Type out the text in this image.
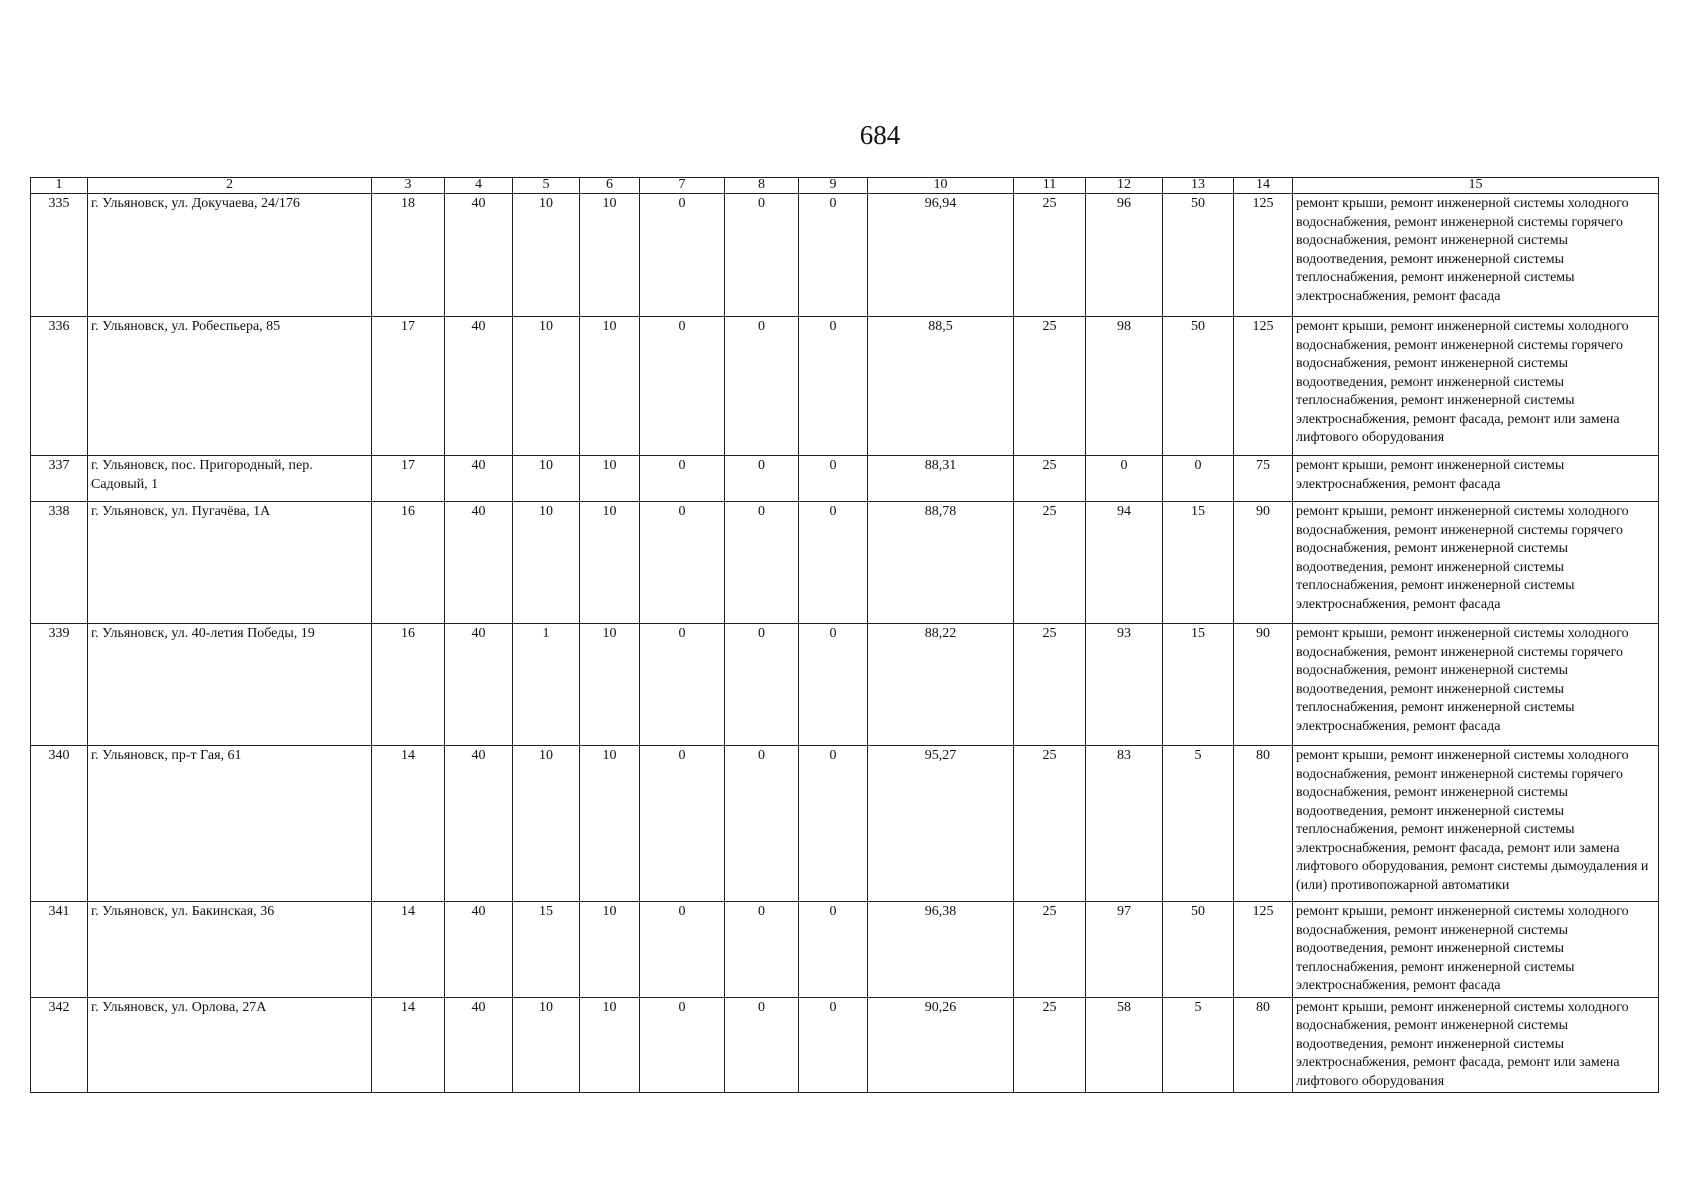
684
1	2	3	4	5	6	7	8	9	10	11	12	13	14	15
335	г. Ульяновск, ул. Докучаева, 24/176	18	40	10	10	0	0	0	96,94	25	96	50	125	ремонт крыши, ремонт инженерной системы холодного водоснабжения, ремонт инженерной системы горячего водоснабжения, ремонт инженерной системы водоотведения, ремонт инженерной системы теплоснабжения, ремонт инженерной системы электроснабжения, ремонт фасада
336	г. Ульяновск, ул. Робеспьера, 85	17	40	10	10	0	0	0	88,5	25	98	50	125	ремонт крыши, ремонт инженерной системы холодного водоснабжения, ремонт инженерной системы горячего водоснабжения, ремонт инженерной системы водоотведения, ремонт инженерной системы теплоснабжения, ремонт инженерной системы электроснабжения, ремонт фасада, ремонт или замена лифтового оборудования
337	г. Ульяновск, пос. Пригородный, пер. Садовый, 1	17	40	10	10	0	0	0	88,31	25	0	0	75	ремонт крыши, ремонт инженерной системы электроснабжения, ремонт фасада
338	г. Ульяновск, ул. Пугачёва, 1А	16	40	10	10	0	0	0	88,78	25	94	15	90	ремонт крыши, ремонт инженерной системы холодного водоснабжения, ремонт инженерной системы горячего водоснабжения, ремонт инженерной системы водоотведения, ремонт инженерной системы теплоснабжения, ремонт инженерной системы электроснабжения, ремонт фасада
339	г. Ульяновск, ул. 40-летия Победы, 19	16	40	1	10	0	0	0	88,22	25	93	15	90	ремонт крыши, ремонт инженерной системы холодного водоснабжения, ремонт инженерной системы горячего водоснабжения, ремонт инженерной системы водоотведения, ремонт инженерной системы теплоснабжения, ремонт инженерной системы электроснабжения, ремонт фасада
340	г. Ульяновск, пр-т Гая, 61	14	40	10	10	0	0	0	95,27	25	83	5	80	ремонт крыши, ремонт инженерной системы холодного водоснабжения, ремонт инженерной системы горячего водоснабжения, ремонт инженерной системы водоотведения, ремонт инженерной системы теплоснабжения, ремонт инженерной системы электроснабжения, ремонт фасада, ремонт или замена лифтового оборудования, ремонт системы дымоудаления и (или) противопожарной автоматики
341	г. Ульяновск, ул. Бакинская, 36	14	40	15	10	0	0	0	96,38	25	97	50	125	ремонт крыши, ремонт инженерной системы холодного водоснабжения, ремонт инженерной системы водоотведения, ремонт инженерной системы теплоснабжения, ремонт инженерной системы электроснабжения, ремонт фасада
342	г. Ульяновск, ул. Орлова, 27А	14	40	10	10	0	0	0	90,26	25	58	5	80	ремонт крыши, ремонт инженерной системы холодного водоснабжения, ремонт инженерной системы водоотведения, ремонт инженерной системы электроснабжения, ремонт фасада, ремонт или замена лифтового оборудования
